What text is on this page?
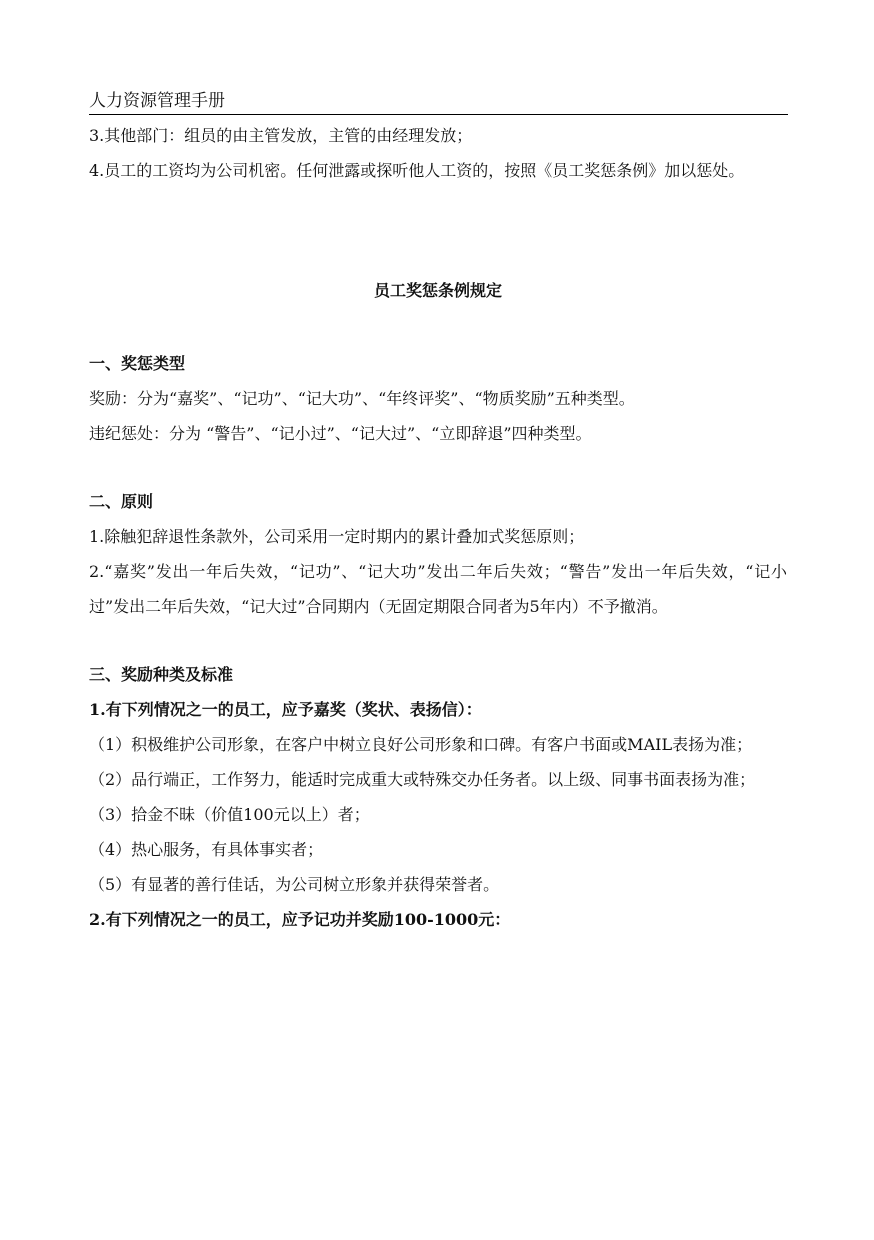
人力资源管理手册

3.其他部门：组员的由主管发放，主管的由经理发放；

4.员工的工资均为公司机密。任何泄露或探听他人工资的，按照《员工奖惩条例》加以惩处。

员工奖惩条例规定

一、奖惩类型

奖励：分为“嘉奖”、“记功”、“记大功”、“年终评奖”、“物质奖励”五种类型。

违纪惩处：分为 “警告”、“记小过”、“记大过”、“立即辞退”四种类型。

二、原则

1.除触犯辞退性条款外，公司采用一定时期内的累计叠加式奖惩原则；

2.“嘉奖”发出一年后失效，“记功”、“记大功”发出二年后失效；“警告”发出一年后失效，“记小过”发出二年后失效，“记大过”合同期内（无固定期限合同者为5年内）不予撤消。

三、奖励种类及标准

1.有下列情况之一的员工，应予嘉奖（奖状、表扬信）：

（1）积极维护公司形象，在客户中树立良好公司形象和口碑。有客户书面或MAIL表扬为准；

（2）品行端正，工作努力，能适时完成重大或特殊交办任务者。以上级、同事书面表扬为准；

（3）拾金不昧（价值100元以上）者；

（4）热心服务，有具体事实者；

（5）有显著的善行佳话，为公司树立形象并获得荣誉者。

2.有下列情况之一的员工，应予记功并奖励100-1000元：
